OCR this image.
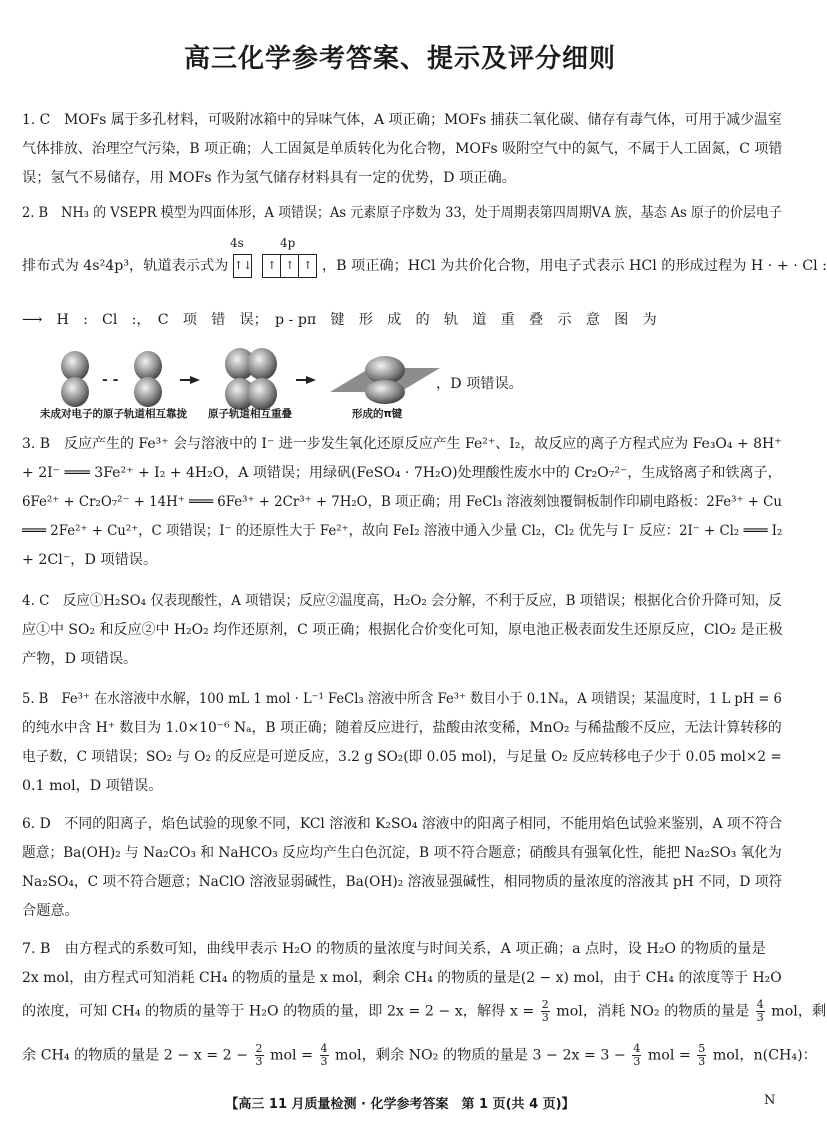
高三化学参考答案、提示及评分细则
1. C　MOFs 属于多孔材料，可吸附冰箱中的异味气体，A 项正确；MOFs 捕获二氧化碳、储存有毒气体，可用于减少温室
气体排放、治理空气污染，B 项正确；人工固氮是单质转化为化合物，MOFs 吸附空气中的氮气，不属于人工固氮，C 项错
误；氢气不易储存，用 MOFs 作为氢气储存材料具有一定的优势，D 项正确。
2. B　NH₃ 的 VSEPR 模型为四面体形，A 项错误；As 元素原子序数为 33，处于周期表第四周期ⅤA 族，基态 As 原子的价层电子
4s	4p
排布式为 4s²4p³，轨道表示式为 ↑↓ ↑ ↑ ↑ ，B 项正确；HCl 为共价化合物，用电子式表示 HCl 的形成过程为 H · + · Cl :
⟶　H　:　Cl　:，　C　项　错　误；　p - pπ　键　形　成　的　轨　道　重　叠　示　意　图　为
- -	，D 项错误。
未成对电子的原子轨道相互靠拢 原子轨道相互重叠	形成的π键
3. B　反应产生的 Fe³⁺ 会与溶液中的 I⁻ 进一步发生氧化还原反应产生 Fe²⁺、I₂，故反应的离子方程式应为 Fe₃O₄ + 8H⁺
+ 2I⁻ ═══ 3Fe²⁺ + I₂ + 4H₂O，A 项错误；用绿矾(FeSO₄ · 7H₂O)处理酸性废水中的 Cr₂O₇²⁻，生成铬离子和铁离子，
6Fe²⁺ + Cr₂O₇²⁻ + 14H⁺ ═══ 6Fe³⁺ + 2Cr³⁺ + 7H₂O，B 项正确；用 FeCl₃ 溶液刻蚀覆铜板制作印刷电路板：2Fe³⁺ + Cu
═══ 2Fe²⁺ + Cu²⁺，C 项错误；I⁻ 的还原性大于 Fe²⁺，故向 FeI₂ 溶液中通入少量 Cl₂，Cl₂ 优先与 I⁻ 反应：2I⁻ + Cl₂ ═══ I₂
+ 2Cl⁻，D 项错误。
4. C　反应①H₂SO₄ 仅表现酸性，A 项错误；反应②温度高，H₂O₂ 会分解，不利于反应，B 项错误；根据化合价升降可知，反
应①中 SO₂ 和反应②中 H₂O₂ 均作还原剂，C 项正确；根据化合价变化可知，原电池正极表面发生还原反应，ClO₂ 是正极
产物，D 项错误。
5. B　Fe³⁺ 在水溶液中水解，100 mL 1 mol · L⁻¹ FeCl₃ 溶液中所含 Fe³⁺ 数目小于 0.1Nₐ，A 项错误；某温度时，1 L pH = 6
的纯水中含 H⁺ 数目为 1.0×10⁻⁶ Nₐ，B 项正确；随着反应进行，盐酸由浓变稀，MnO₂ 与稀盐酸不反应，无法计算转移的
电子数，C 项错误；SO₂ 与 O₂ 的反应是可逆反应，3.2 g SO₂(即 0.05 mol)，与足量 O₂ 反应转移电子少于 0.05 mol×2 =
0.1 mol，D 项错误。
6. D　不同的阳离子，焰色试验的现象不同，KCl 溶液和 K₂SO₄ 溶液中的阳离子相同，不能用焰色试验来鉴别，A 项不符合
题意；Ba(OH)₂ 与 Na₂CO₃ 和 NaHCO₃ 反应均产生白色沉淀，B 项不符合题意；硝酸具有强氧化性，能把 Na₂SO₃ 氧化为
Na₂SO₄，C 项不符合题意；NaClO 溶液显弱碱性，Ba(OH)₂ 溶液显强碱性，相同物质的量浓度的溶液其 pH 不同，D 项符
合题意。
7. B　由方程式的系数可知，曲线甲表示 H₂O 的物质的量浓度与时间关系，A 项正确；a 点时，设 H₂O 的物质的量是
2x mol，由方程式可知消耗 CH₄ 的物质的量是 x mol，剩余 CH₄ 的物质的量是(2 − x) mol，由于 CH₄ 的浓度等于 H₂O
的浓度，可知 CH₄ 的物质的量等于 H₂O 的物质的量，即 2x = 2 − x，解得 $x = \frac{2}{3}$ mol，消耗 NO₂ 的物质的量是 $\frac{4}{3}$ mol，剩
余 CH₄ 的物质的量是 $2 - x = 2 - \frac{2}{3}$ mol = $\frac{4}{3}$ mol，剩余 NO₂ 的物质的量是 $3 - 2x = 3 - \frac{4}{3}$ mol = $\frac{5}{3}$ mol，n(CH₄)：
【高三 11 月质量检测 · 化学参考答案　第 1 页(共 4 页)】	N
